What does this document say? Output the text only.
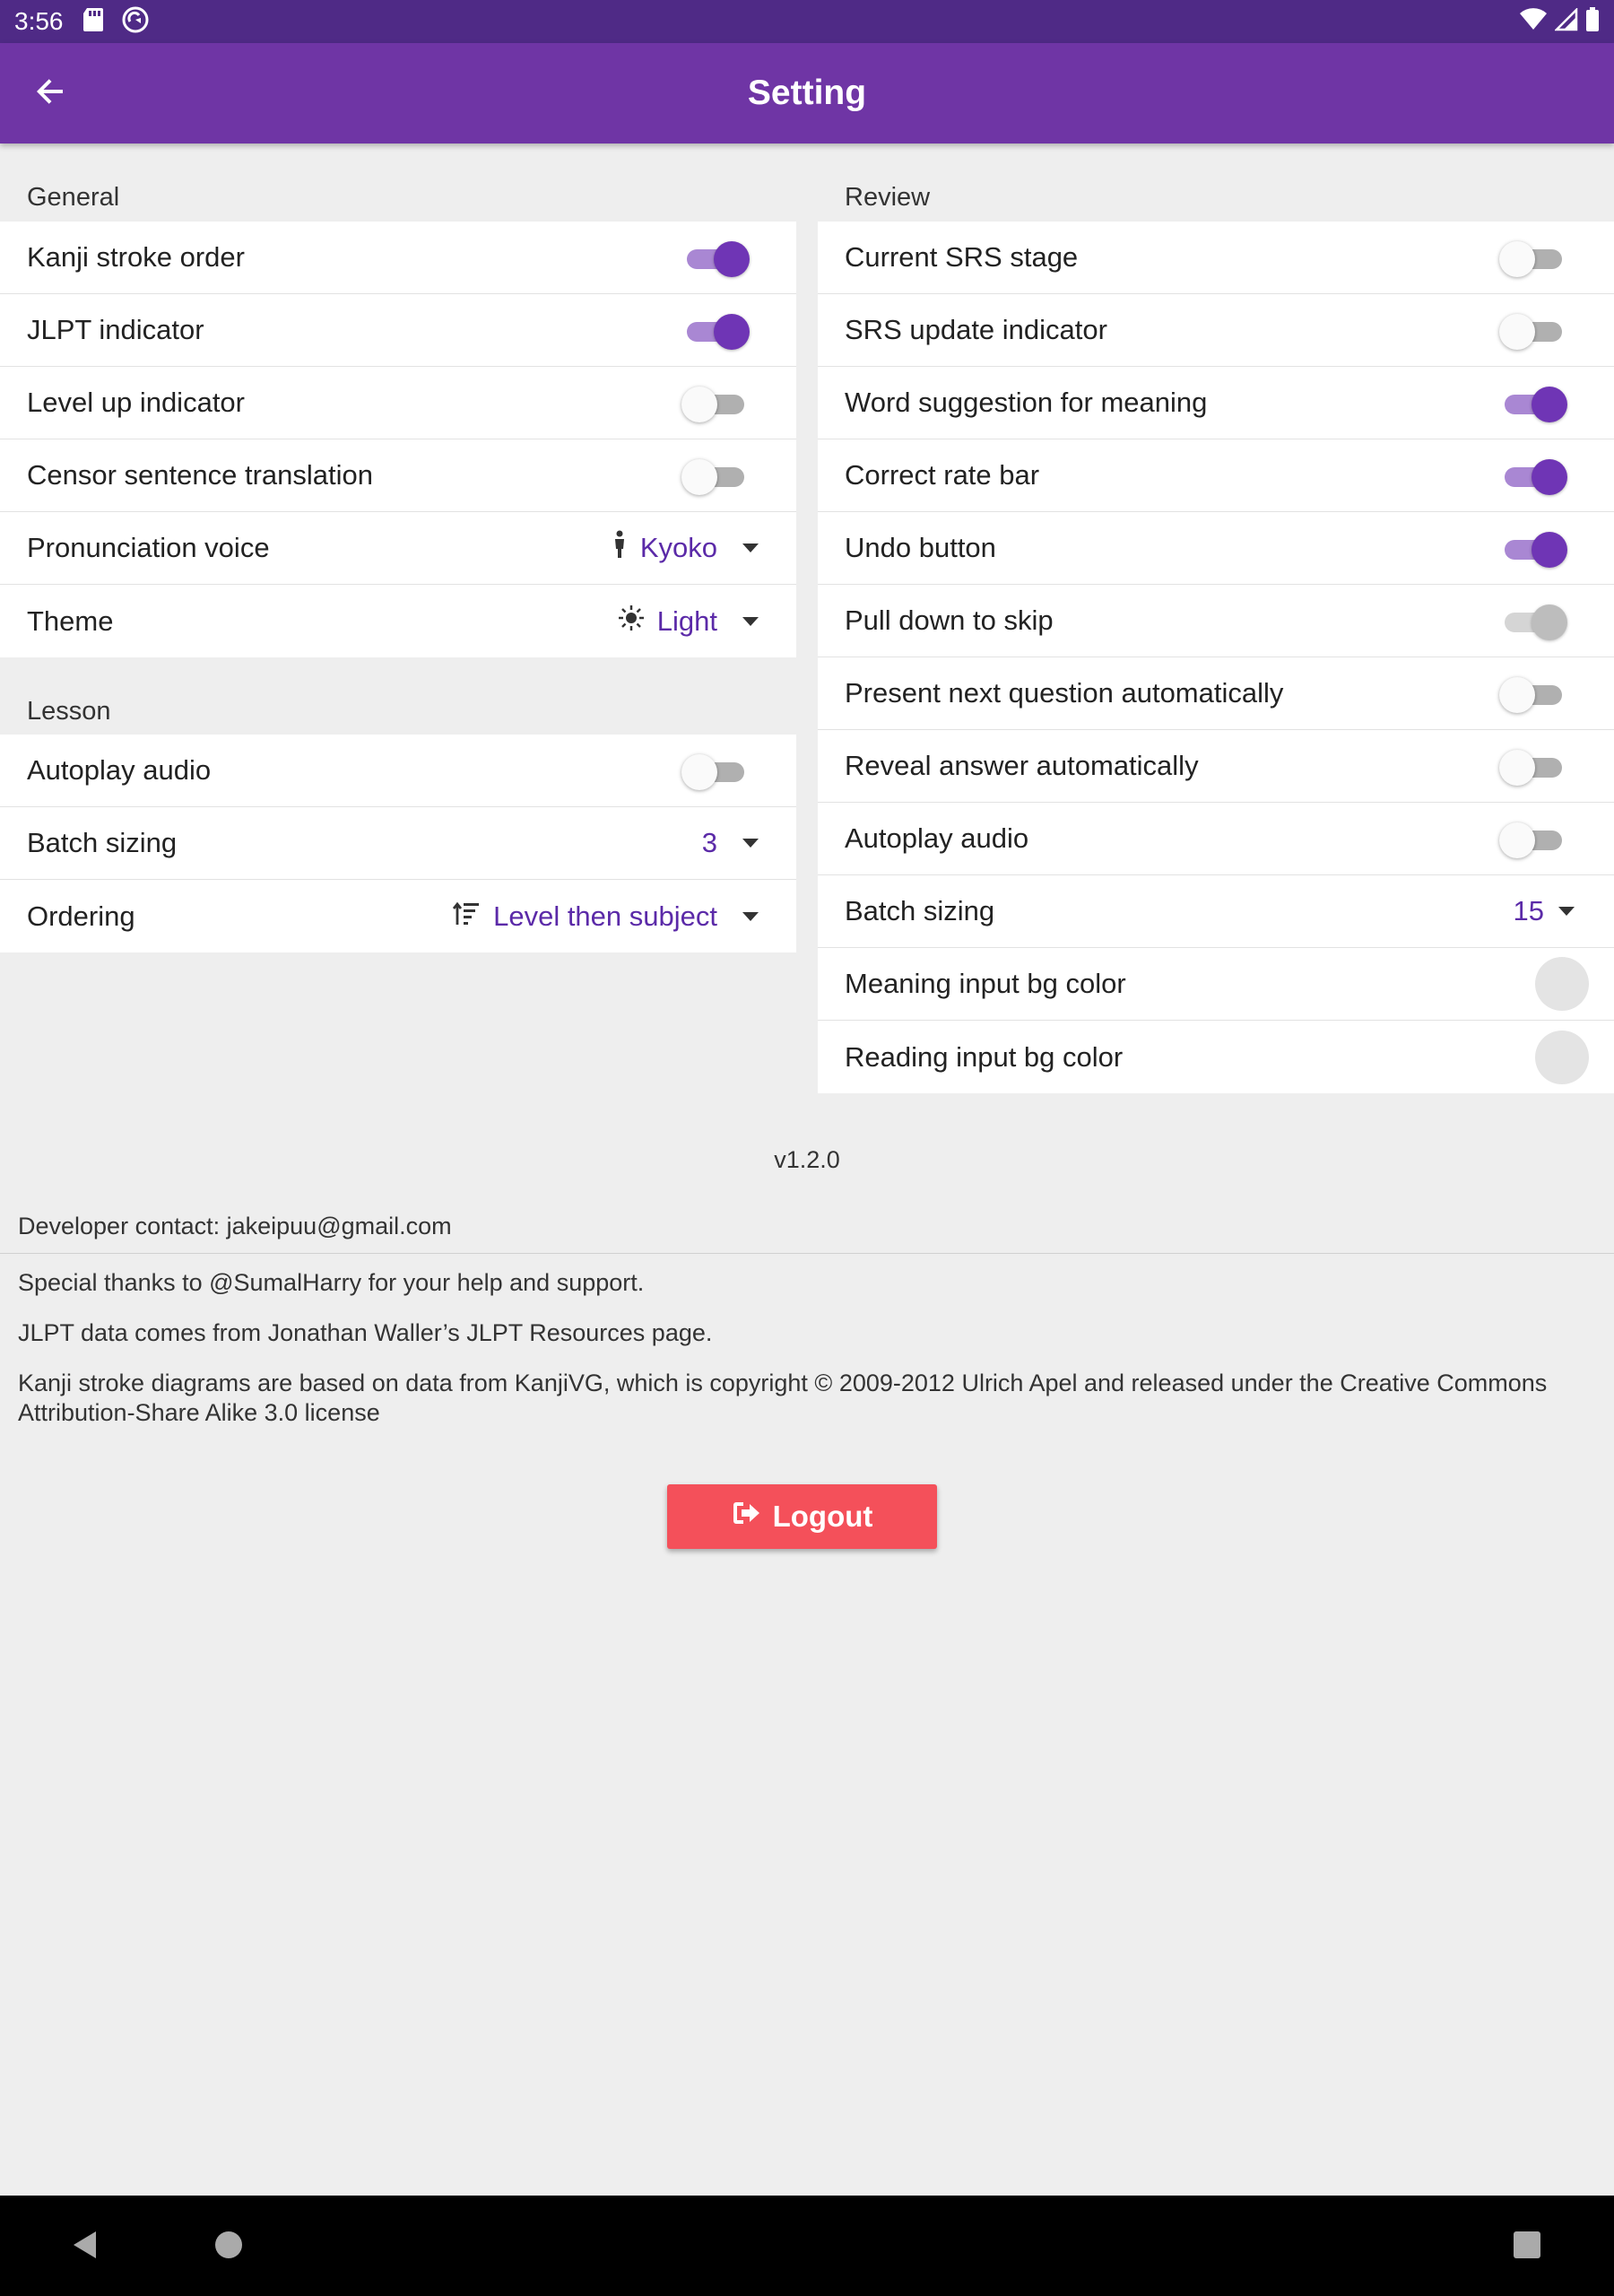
3:56
Setting
General
Kanji stroke order
JLPT indicator
Level up indicator
Censor sentence translation
Pronunciation voice	Kyoko
Theme	Light
Lesson
Autoplay audio
Batch sizing	3
Ordering	Level then subject
Review
Current SRS stage
SRS update indicator
Word suggestion for meaning
Correct rate bar
Undo button
Pull down to skip
Present next question automatically
Reveal answer automatically
Autoplay audio
Batch sizing	15
Meaning input bg color
Reading input bg color
v1.2.0
Developer contact: jakeipuu@gmail.com

Special thanks to @SumalHarry for your help and support.

JLPT data comes from Jonathan Waller’s JLPT Resources page.

Kanji stroke diagrams are based on data from KanjiVG, which is copyright © 2009-2012 Ulrich Apel and released under the Creative Commons Attribution-Share Alike 3.0 license

Logout
